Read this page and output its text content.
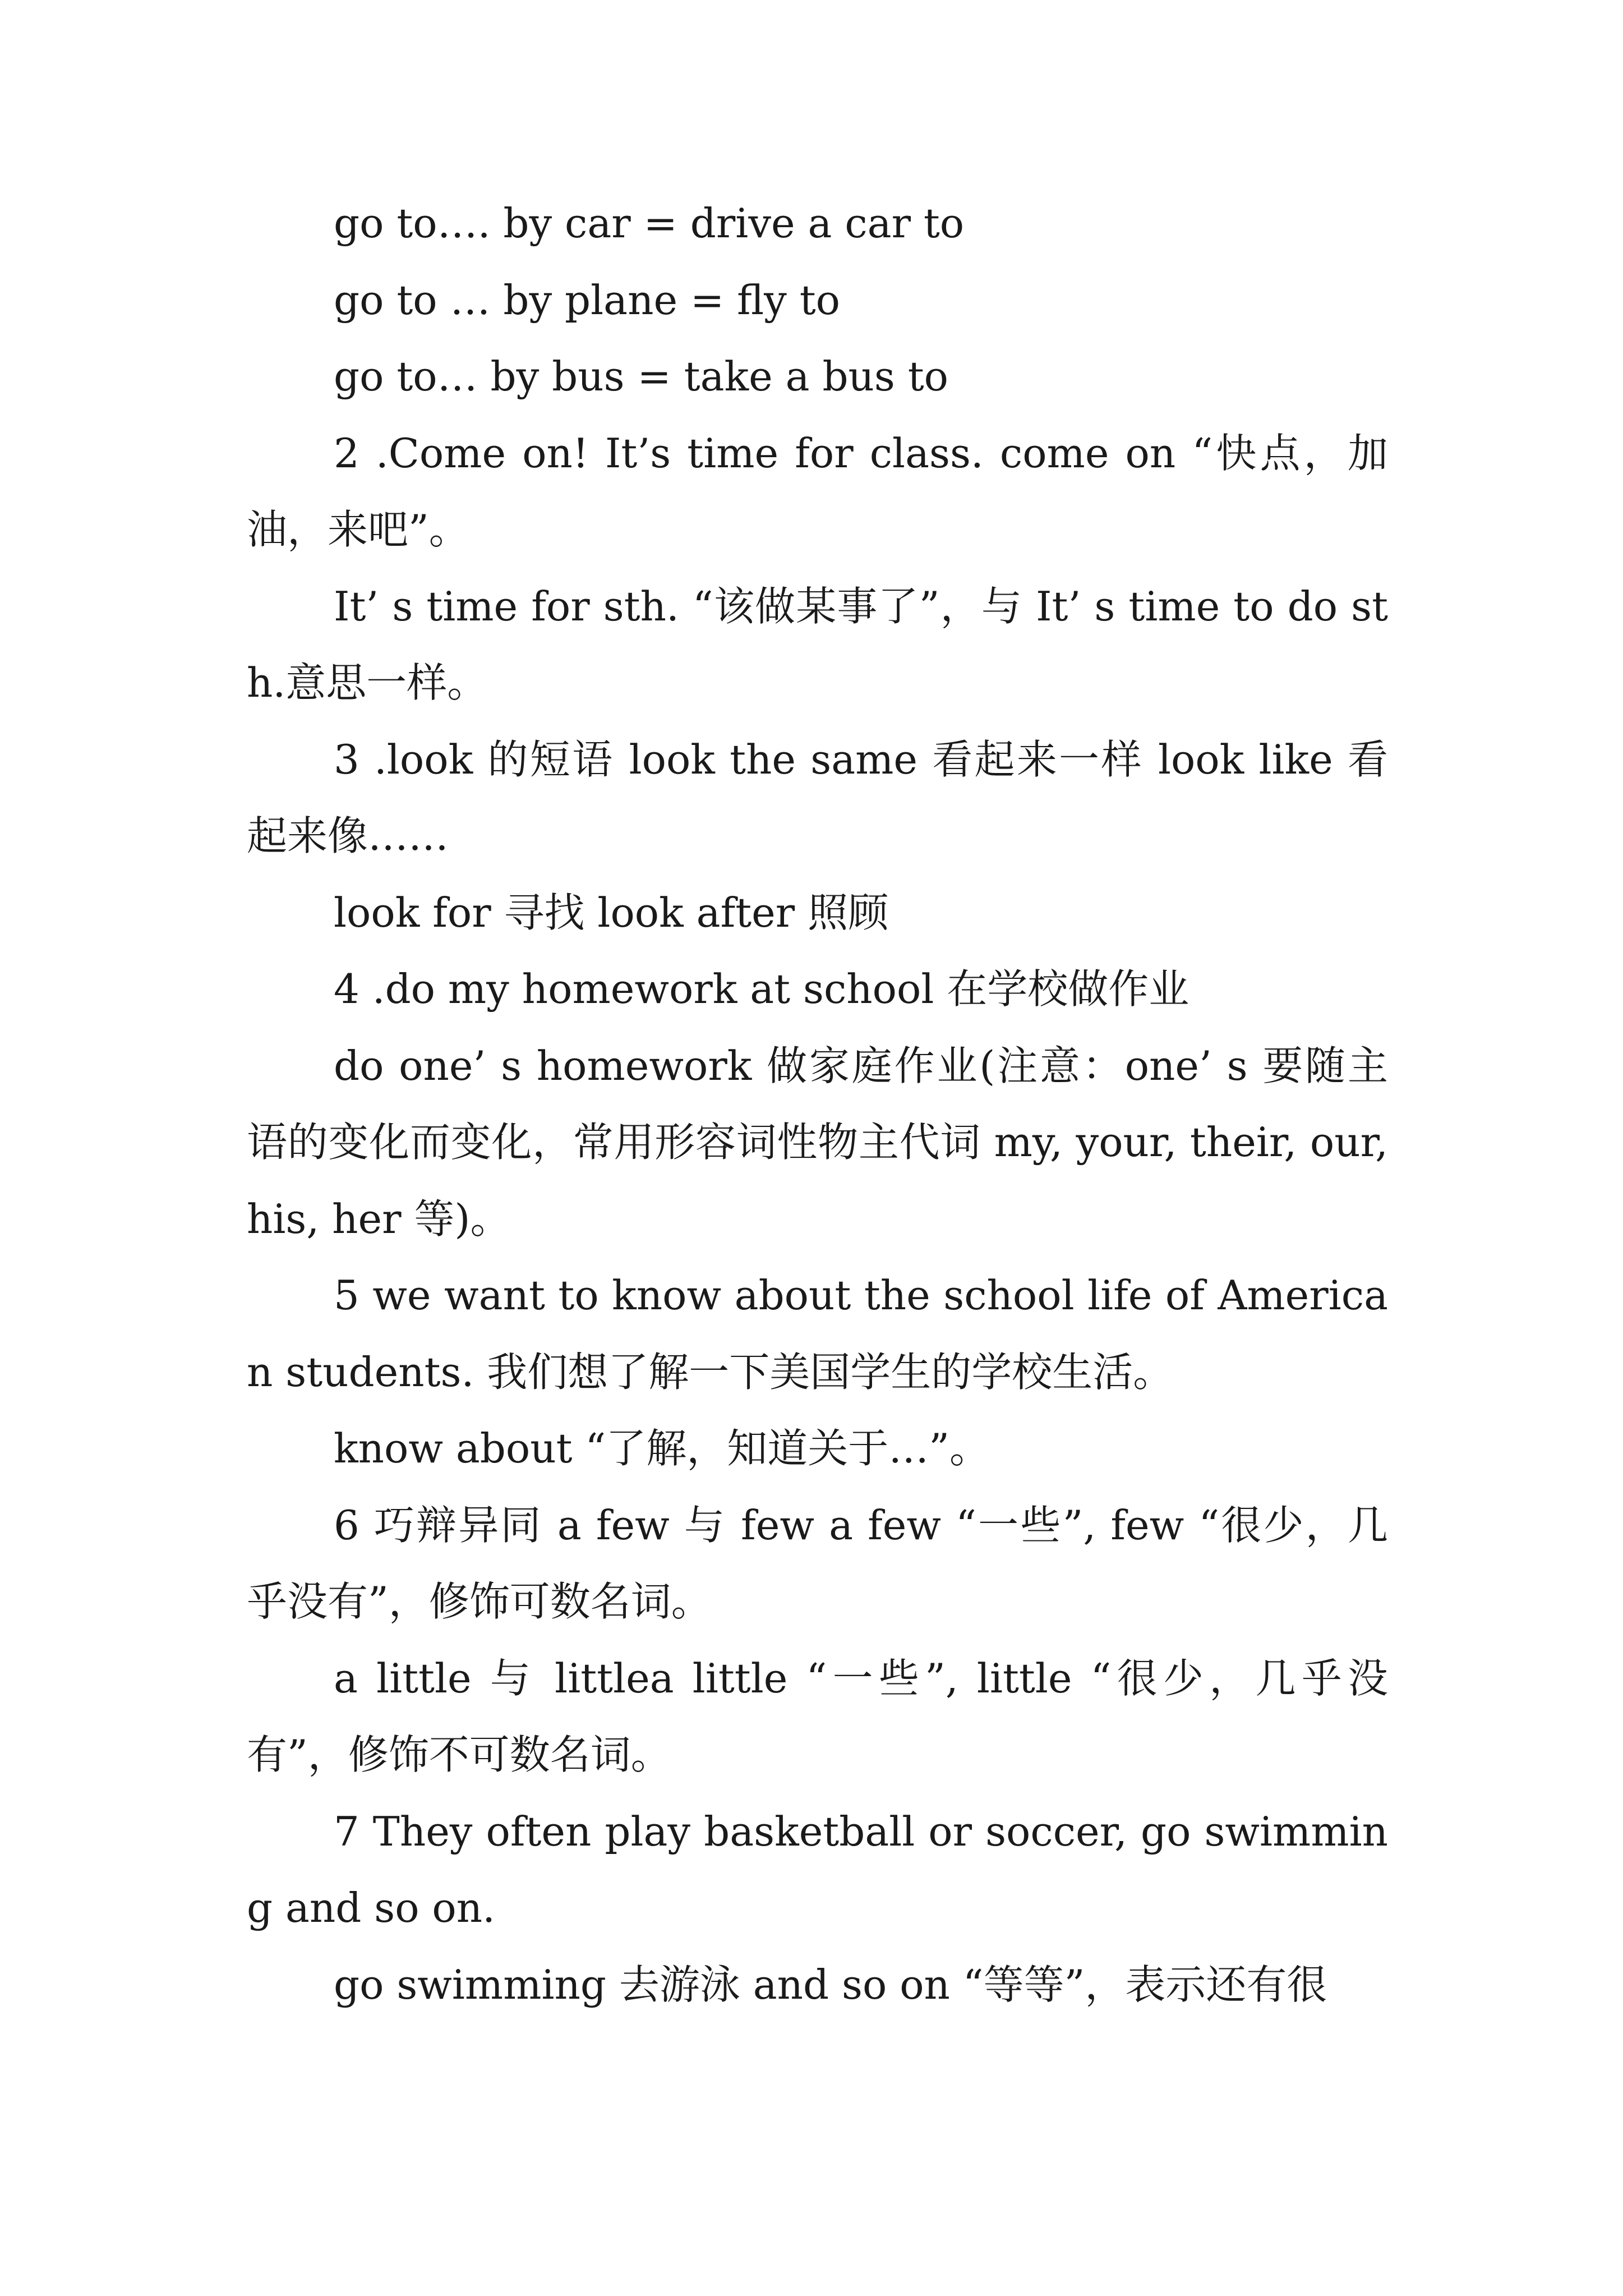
go to…. by car = drive a car to

go to … by plane = fly to

go to… by bus = take a bus to

2 .Come on! It’s time for class. come on “快点，加油，来吧”。

It’ s time for sth. “该做某事了”，与 It’ s time to do sth.意思一样。

3 .look 的短语 look the same 看起来一样 look like 看起来像……

look for 寻找 look after 照顾

4 .do my homework at school 在学校做作业

do one’ s homework 做家庭作业(注意：one’ s 要随主语的变化而变化，常用形容词性物主代词 my, your, their, our, his, her 等)。

5 we want to know about the school life of American students. 我们想了解一下美国学生的学校生活。

know about “了解，知道关于…”。

6 巧辩异同 a few 与 few a few “一些”, few “很少，几乎没有”，修饰可数名词。

a little 与 littlea little “一些”, little “很少，几乎没有”，修饰不可数名词。

7 They often play basketball or soccer, go swimming and so on.

go swimming 去游泳 and so on “等等”，表示还有很
